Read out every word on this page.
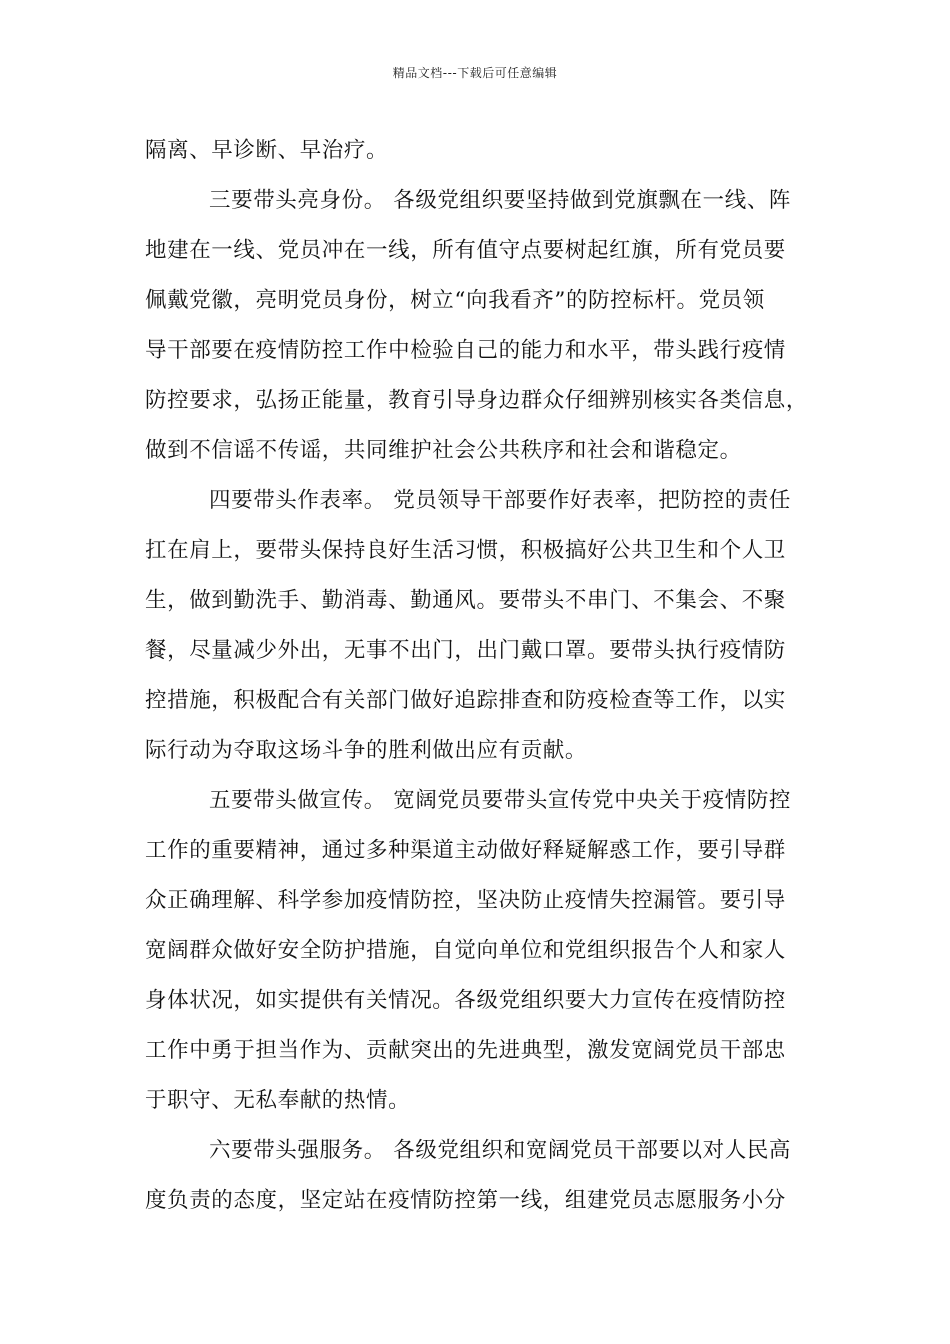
精品文档---下载后可任意编辑
隔离、早诊断、早治疗。
三要带头亮身份。 各级党组织要坚持做到党旗飘在一线、阵
地建在一线、党员冲在一线，所有值守点要树起红旗，所有党员要
佩戴党徽，亮明党员身份，树立“向我看齐”的防控标杆。党员领
导干部要在疫情防控工作中检验自己的能力和水平，带头践行疫情
防控要求，弘扬正能量，教育引导身边群众仔细辨别核实各类信息，
做到不信谣不传谣，共同维护社会公共秩序和社会和谐稳定。
四要带头作表率。 党员领导干部要作好表率，把防控的责任
扛在肩上，要带头保持良好生活习惯，积极搞好公共卫生和个人卫
生，做到勤洗手、勤消毒、勤通风。要带头不串门、不集会、不聚
餐，尽量减少外出，无事不出门，出门戴口罩。要带头执行疫情防
控措施，积极配合有关部门做好追踪排查和防疫检查等工作，以实
际行动为夺取这场斗争的胜利做出应有贡献。
五要带头做宣传。 宽阔党员要带头宣传党中央关于疫情防控
工作的重要精神，通过多种渠道主动做好释疑解惑工作，要引导群
众正确理解、科学参加疫情防控，坚决防止疫情失控漏管。要引导
宽阔群众做好安全防护措施，自觉向单位和党组织报告个人和家人
身体状况，如实提供有关情况。各级党组织要大力宣传在疫情防控
工作中勇于担当作为、贡献突出的先进典型，激发宽阔党员干部忠
于职守、无私奉献的热情。
六要带头强服务。 各级党组织和宽阔党员干部要以对人民高
度负责的态度，坚定站在疫情防控第一线，组建党员志愿服务小分
